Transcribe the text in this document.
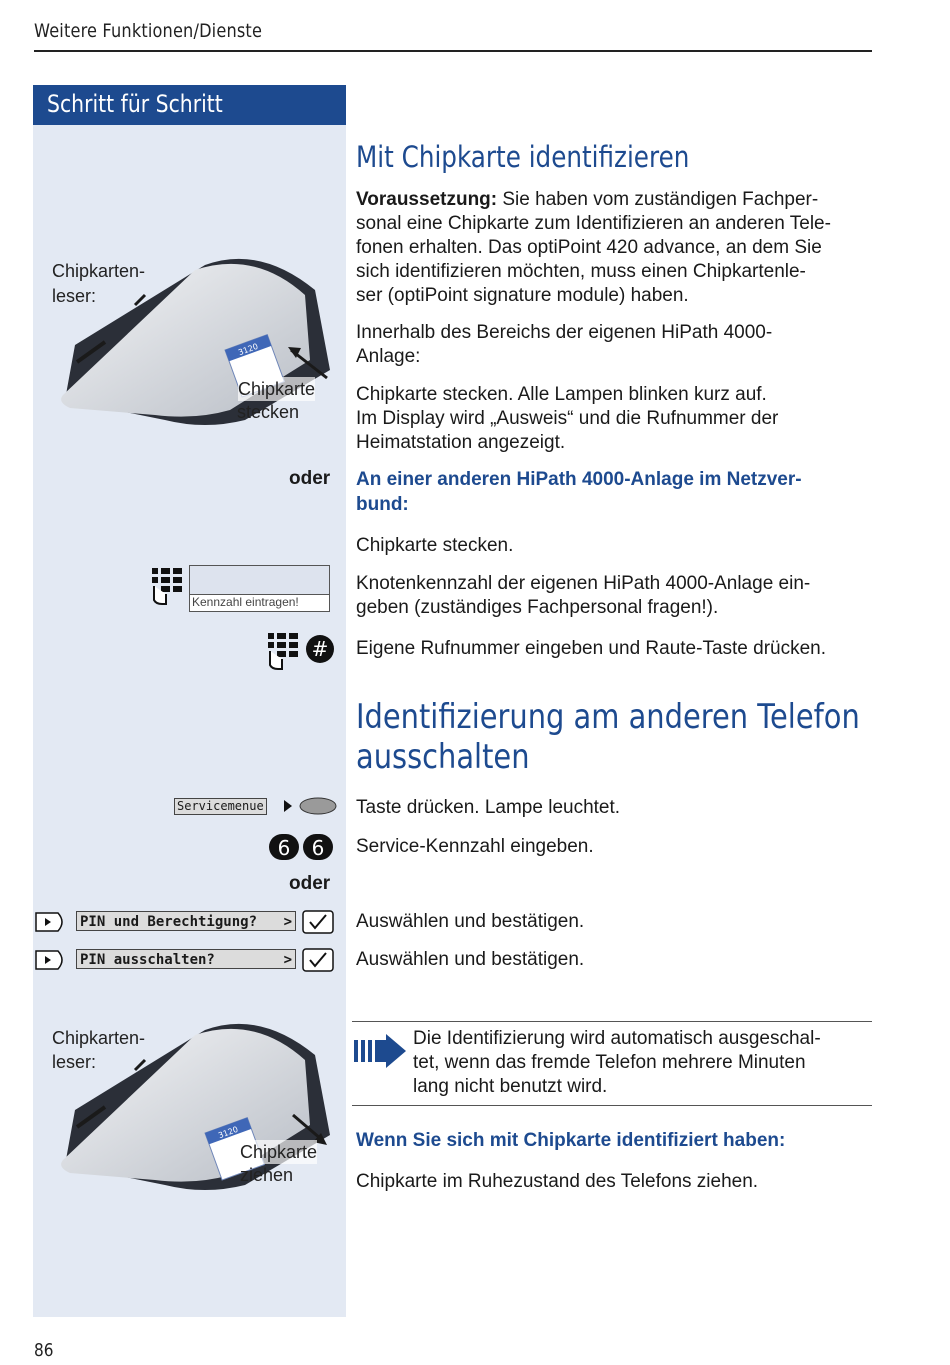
Weitere Funktionen/Dienste
Schritt für Schritt
3120
Chipkarten-
leser:
Chipkarte
stecken
Mit Chipkarte identifizieren
Voraussetzung: Sie haben vom zuständigen Fachper-
sonal eine Chipkarte zum Identifizieren an anderen Tele-
fonen erhalten. Das optiPoint 420 advance, an dem Sie
sich identifizieren möchten, muss einen Chipkartenle-
ser (optiPoint signature module) haben.
Innerhalb des Bereichs der eigenen HiPath 4000-
Anlage:
Chipkarte stecken. Alle Lampen blinken kurz auf.
Im Display wird „Ausweis“ und die Rufnummer der
Heimatstation angezeigt.
oder An einer anderen HiPath 4000-Anlage im Netzver-
bund:
Chipkarte stecken.
Kennzahl eintragen!
Knotenkennzahl der eigenen HiPath 4000-Anlage ein-
geben (zuständiges Fachpersonal fragen!).
# Eigene Rufnummer eingeben und Raute-Taste drücken.
Identifizierung am anderen Telefon
ausschalten
Servicemenue	Taste drücken. Lampe leuchtet.
6	6	Service-Kennzahl eingeben.
oder
PIN und Berechtigung? >	Auswählen und bestätigen.
PIN ausschalten?	>	Auswählen und bestätigen.
3120
Chipkarten-
leser:
Chipkarte
ziehen
Die Identifizierung wird automatisch ausgeschal-
tet, wenn das fremde Telefon mehrere Minuten
lang nicht benutzt wird.
Wenn Sie sich mit Chipkarte identifiziert haben:
Chipkarte im Ruhezustand des Telefons ziehen.
86
